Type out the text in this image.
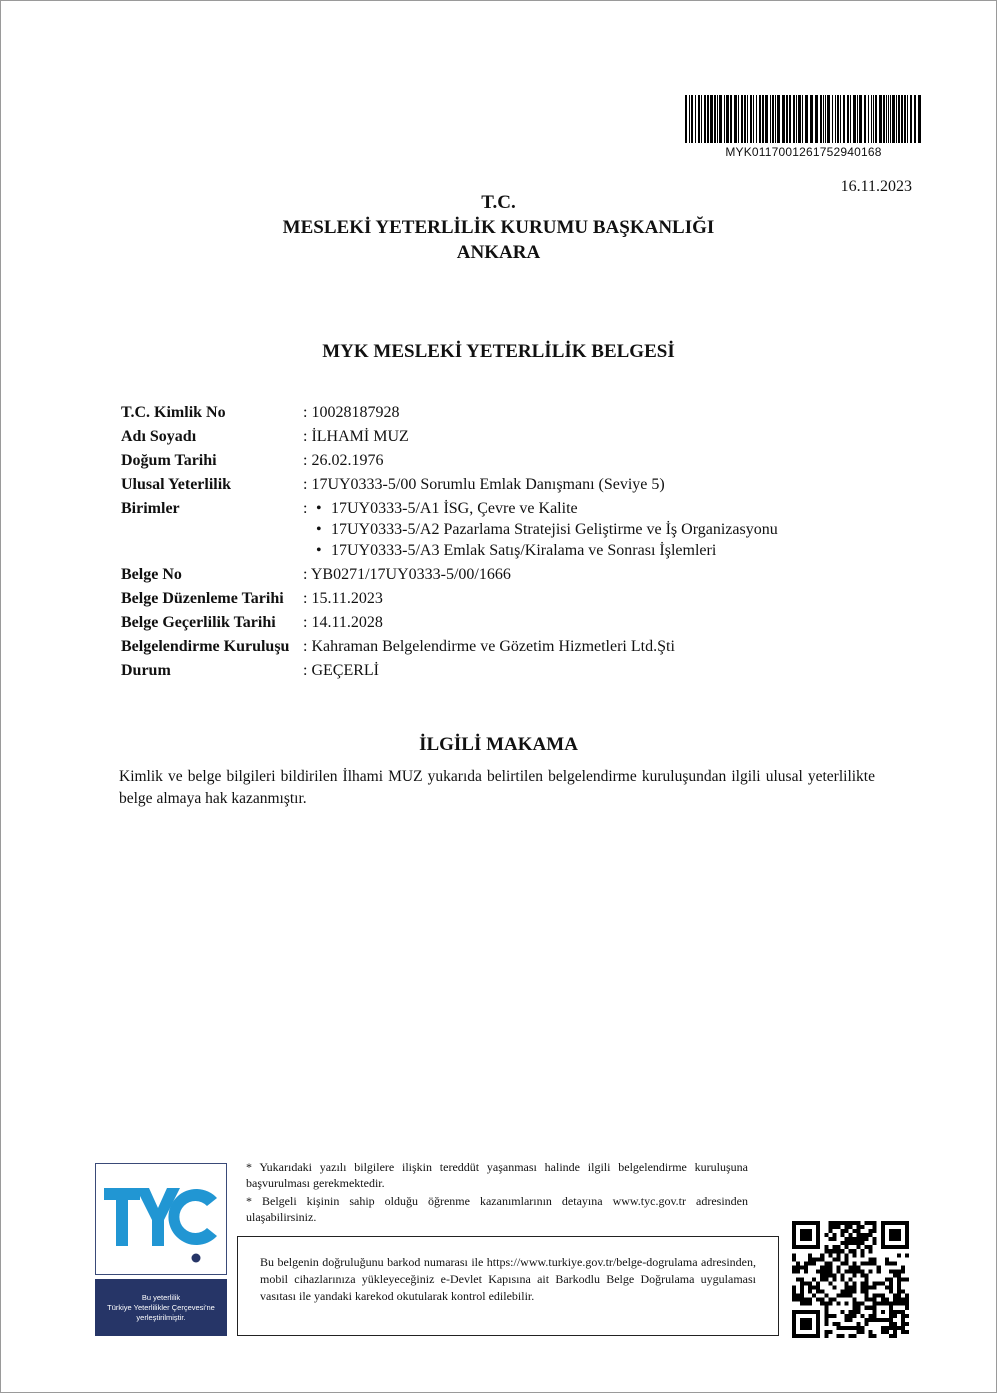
MYK0117001261752940168
16.11.2023
T.C.
MESLEKİ YETERLİLİK KURUMU BAŞKANLIĞI
ANKARA
MYK MESLEKİ YETERLİLİK BELGESİ
T.C. Kimlik No	: 10028187928
Adı Soyadı	: İLHAMİ MUZ
Doğum Tarihi	: 26.02.1976
Ulusal Yeterlilik	: 17UY0333-5/00 Sorumlu Emlak Danışmanı (Seviye 5)
Birimler	:
•	17UY0333-5/A1 İSG, Çevre ve Kalite
• 17UY0333-5/A2 Pazarlama Stratejisi Geliştirme ve İş Organizasyonu
• 17UY0333-5/A3 Emlak Satış/Kiralama ve Sonrası İşlemleri
Belge No	: YB0271/17UY0333-5/00/1666
Belge Düzenleme Tarihi : 15.11.2023
Belge Geçerlilik Tarihi : 14.11.2028
Belgelendirme Kuruluşu : Kahraman Belgelendirme ve Gözetim Hizmetleri Ltd.Şti
Durum	: GEÇERLİ
İLGİLİ MAKAMA
Kimlik ve belge bilgileri bildirilen İlhami MUZ yukarıda belirtilen belgelendirme kuruluşundan ilgili ulusal yeterlilikte belge almaya hak kazanmıştır.
Bu yeterlilik
Türkiye Yeterlilikler Çerçevesi'ne
yerleştirilmiştir.

* Yukarıdaki yazılı bilgilere ilişkin tereddüt yaşanması halinde ilgili belgelendirme kuruluşuna başvurulması gerekmektedir.

* Belgeli kişinin sahip olduğu öğrenme kazanımlarının detayına www.tyc.gov.tr adresinden ulaşabilirsiniz.

Bu belgenin doğruluğunu barkod numarası ile https://www.turkiye.gov.tr/belge-dogrulama adresinden, mobil cihazlarınıza yükleyeceğiniz e-Devlet Kapısına ait Barkodlu Belge Doğrulama uygulaması vasıtası ile yandaki karekod okutularak kontrol edilebilir.
